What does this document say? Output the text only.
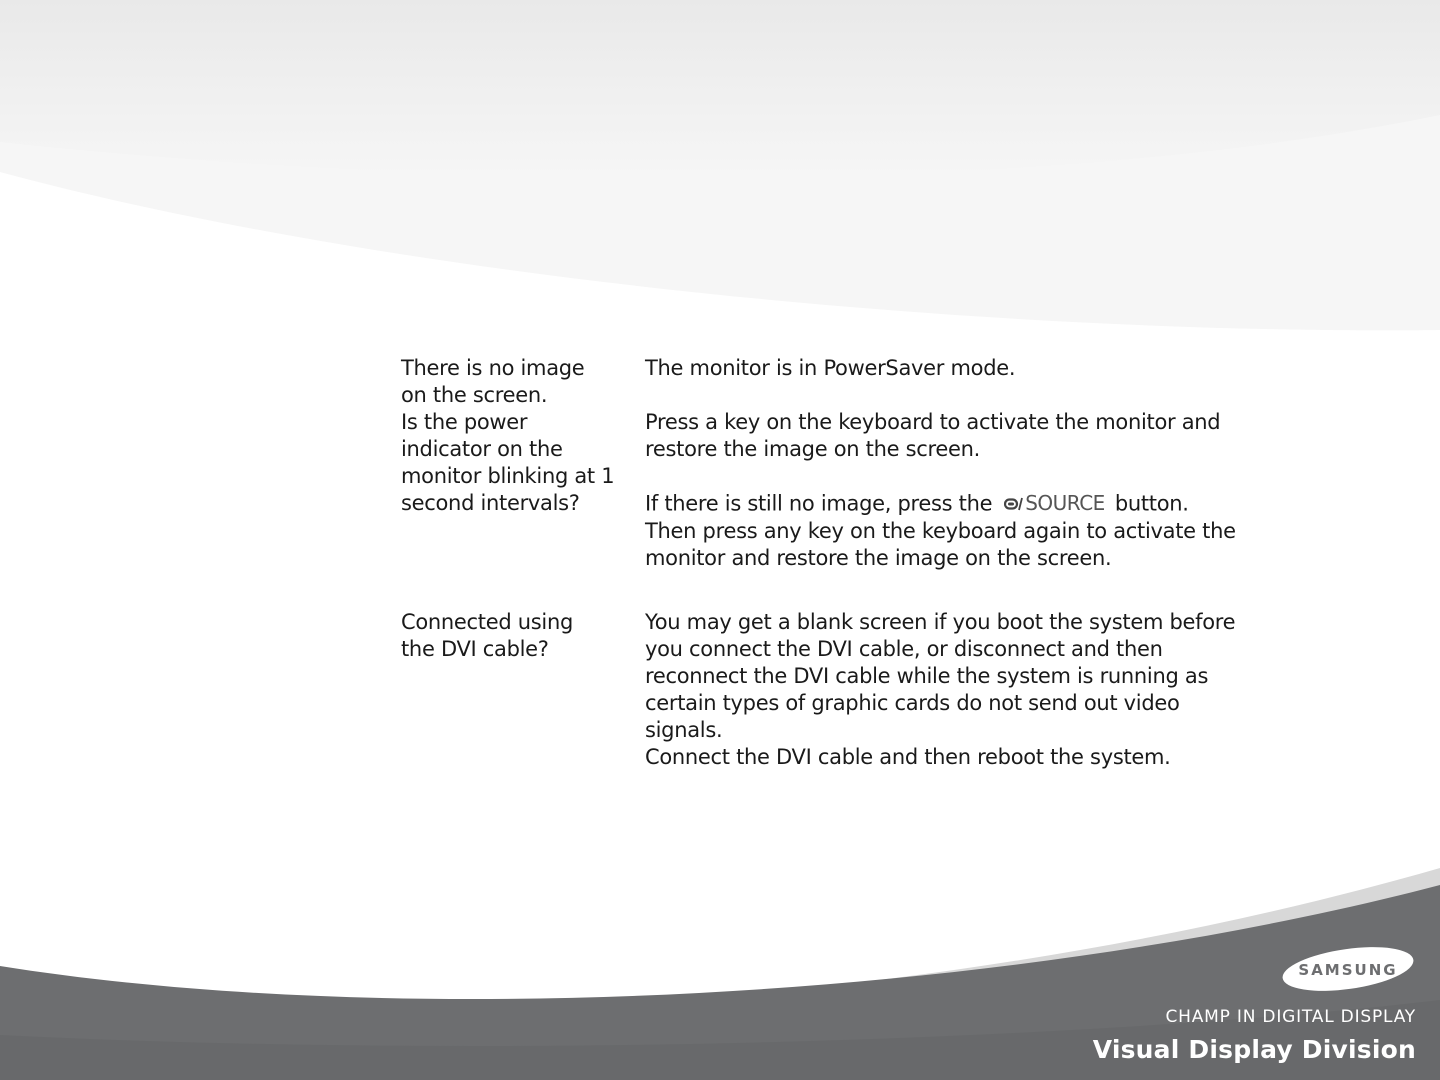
There is no image

on the screen.

Is the power

indicator on the

monitor blinking at 1

second intervals?

The monitor is in PowerSaver mode.

Press a key on the keyboard to activate the monitor and restore the image on the screen.

If there is still no image, press the SOURCE button.

Then press any key on the keyboard again to activate the monitor and restore the image on the screen.

Connected using

the DVI cable?

You may get a blank screen if you boot the system before you connect the DVI cable, or disconnect and then reconnect the DVI cable while the system is running as certain types of graphic cards do not send out video signals.

Connect the DVI cable and then reboot the system.

SAMSUNG
CHAMP IN DIGITAL DISPLAY
Visual Display Division
